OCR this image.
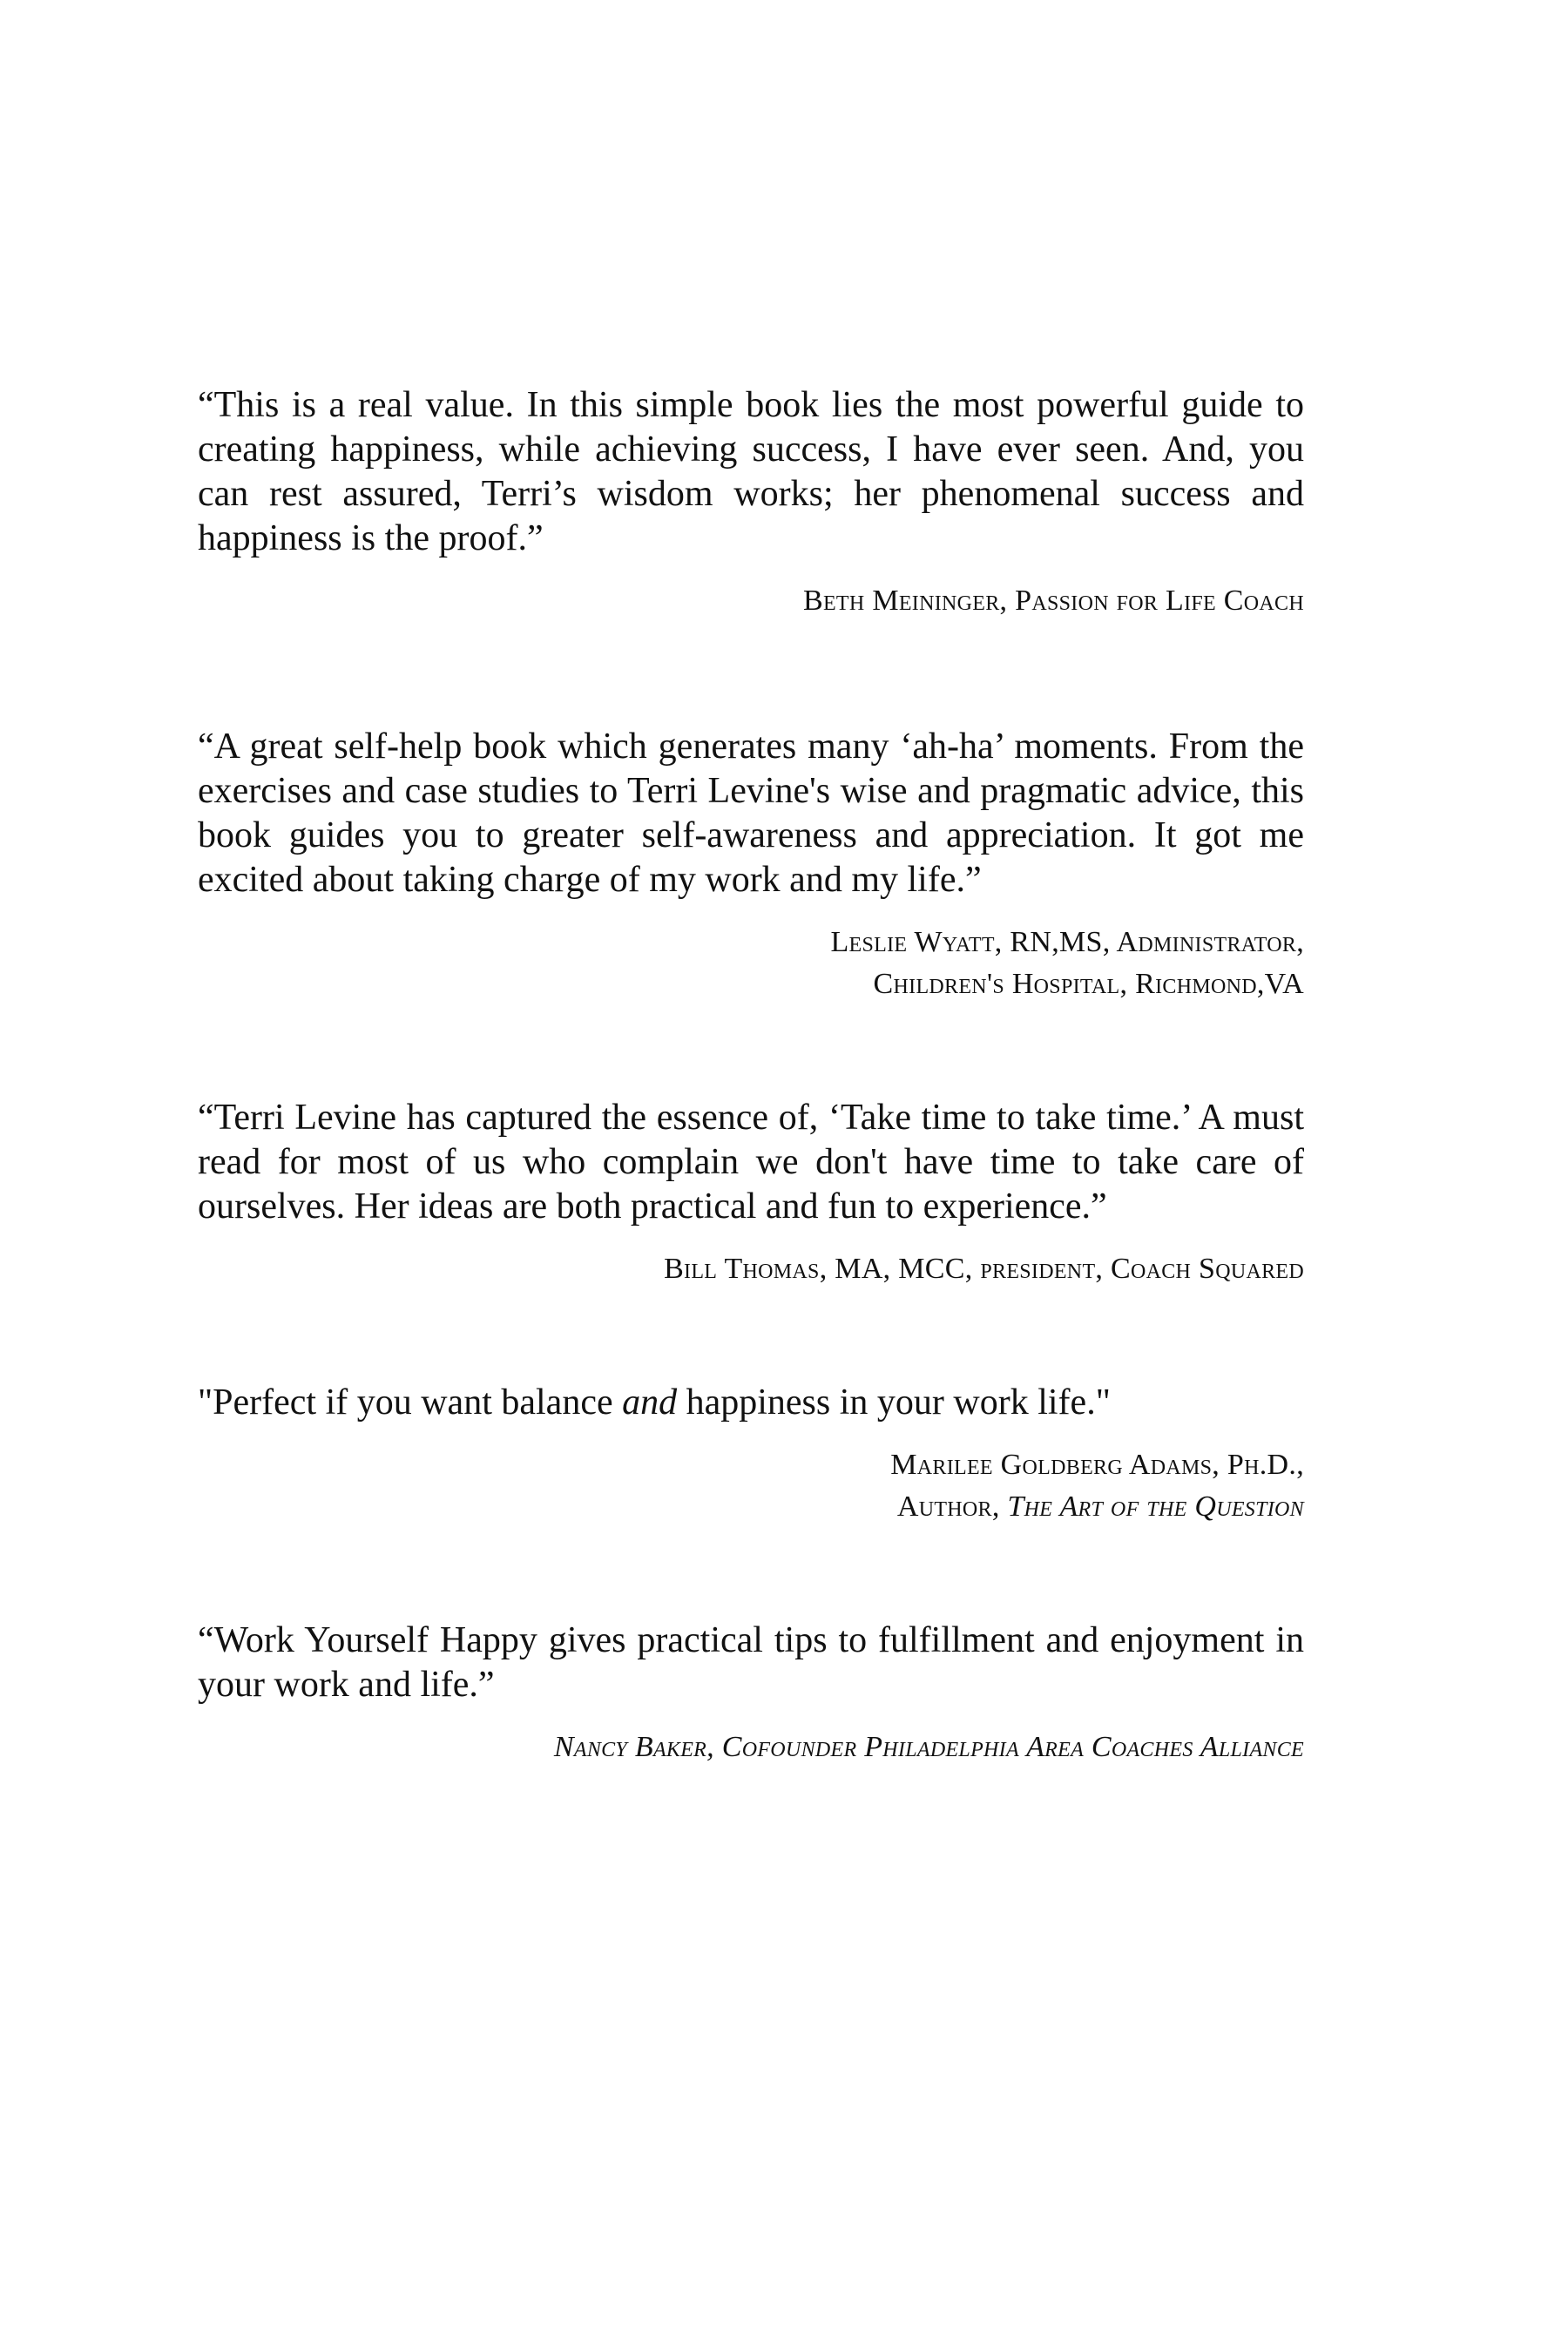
“This is a real value. In this simple book lies the most powerful guide to creating happiness, while achieving success, I have ever seen. And, you can rest assured, Terri’s wisdom works; her phenomenal success and happiness is the proof.”

Beth Meininger, Passion for Life Coach

“A great self-help book which generates many ‘ah-ha’ moments. From the exercises and case studies to Terri Levine's wise and pragmatic advice, this book guides you to greater self-awareness and appreciation. It got me excited about taking charge of my work and my life.”

Leslie Wyatt, RN,MS, Administrator,
Children's Hospital, Richmond,VA

“Terri Levine has captured the essence of, ‘Take time to take time.’ A must read for most of us who complain we don't have time to take care of ourselves. Her ideas are both practical and fun to experience.”

Bill Thomas, MA, MCC, president, Coach Squared

"Perfect if you want balance and happiness in your work life."

Marilee Goldberg Adams, Ph.D.,
Author, The Art of the Question

“Work Yourself Happy gives practical tips to fulfillment and enjoyment in your work and life.”

Nancy Baker, Cofounder Philadelphia Area Coaches Alliance
